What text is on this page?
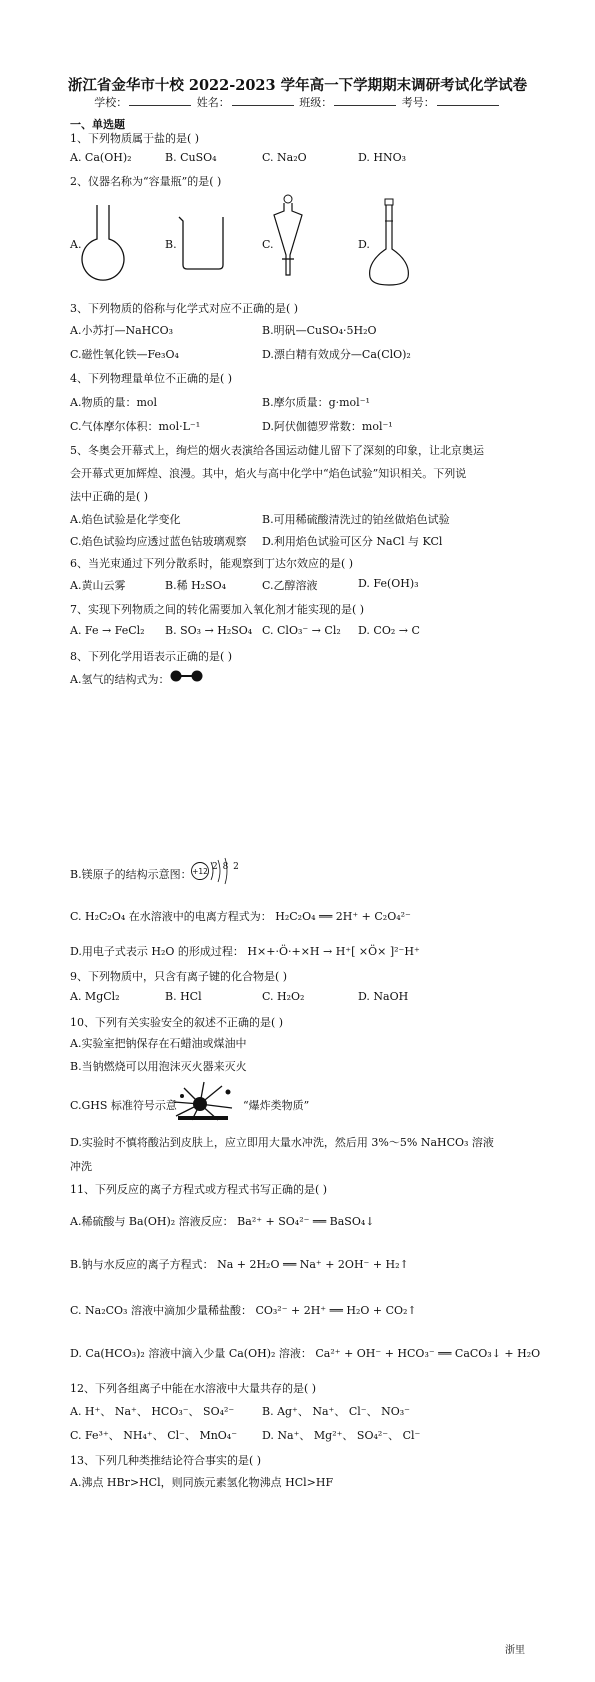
浙江省金华市十校 2022-2023 学年高一下学期期末调研考试化学试卷
学校：	姓名：	班级：	考号：
一、单选题
1、下列物质属于盐的是( )
A. Ca(OH)₂	B. CuSO₄	C. Na₂O	D. HNO₃
2、仪器名称为“容量瓶”的是( )
A.	B.	C.	D.
3、下列物质的俗称与化学式对应不正确的是( )
A.小苏打—NaHCO₃	B.明矾—CuSO₄·5H₂O
C.磁性氧化铁—Fe₃O₄	D.漂白精有效成分—Ca(ClO)₂
4、下列物理量单位不正确的是( )
A.物质的量：mol	B.摩尔质量：g·mol⁻¹
C.气体摩尔体积：mol·L⁻¹	D.阿伏伽德罗常数：mol⁻¹
5、冬奥会开幕式上，绚烂的烟火表演给各国运动健儿留下了深刻的印象，让北京奥运
会开幕式更加辉煌、浪漫。其中，焰火与高中化学中“焰色试验”知识相关。下列说
法中正确的是( )
A.焰色试验是化学变化	B.可用稀硫酸清洗过的铂丝做焰色试验
C.焰色试验均应透过蓝色钴玻璃观察 D.利用焰色试验可区分 NaCl 与 KCl
6、当光束通过下列分散系时，能观察到丁达尔效应的是( )
A.黄山云雾	B.稀 H₂SO₄	C.乙醇溶液	D. Fe(OH)₃
7、实现下列物质之间的转化需要加入氧化剂才能实现的是( )
A. Fe → FeCl₂ B. SO₃ → H₂SO₄ C. ClO₃⁻ → Cl₂ D. CO₂ → C
8、下列化学用语表示正确的是( )
A.氢气的结构式为：
B.镁原子的结构示意图： +12 2 8 2
C. H₂C₂O₄ 在水溶液中的电离方程式为： H₂C₂O₄ ══ 2H⁺ + C₂O₄²⁻
D.用电子式表示 H₂O 的形成过程： H×+·Ö·+×H → H⁺[ ×Ö× ]²⁻H⁺
9、下列物质中，只含有离子键的化合物是( )
A. MgCl₂	B. HCl	C. H₂O₂	D. NaOH
10、下列有关实验安全的叙述不正确的是( )
A.实验室把钠保存在石蜡油或煤油中
B.当钠燃烧可以用泡沫灭火器来灭火
C.GHS 标准符号示意	“爆炸类物质”
D.实验时不慎将酸沾到皮肤上，应立即用大量水冲洗，然后用 3%～5% NaHCO₃ 溶液
冲洗
11、下列反应的离子方程式或方程式书写正确的是( )
A.稀硫酸与 Ba(OH)₂ 溶液反应： Ba²⁺ + SO₄²⁻ ══ BaSO₄↓
B.钠与水反应的离子方程式： Na + 2H₂O ══ Na⁺ + 2OH⁻ + H₂↑
C. Na₂CO₃ 溶液中滴加少量稀盐酸： CO₃²⁻ + 2H⁺ ══ H₂O + CO₂↑
D. Ca(HCO₃)₂ 溶液中滴入少量 Ca(OH)₂ 溶液： Ca²⁺ + OH⁻ + HCO₃⁻ ══ CaCO₃↓ + H₂O
12、下列各组离子中能在水溶液中大量共存的是( )
A. H⁺、 Na⁺、 HCO₃⁻、 SO₄²⁻	B. Ag⁺、 Na⁺、 Cl⁻、 NO₃⁻
C. Fe³⁺、 NH₄⁺、 Cl⁻、 MnO₄⁻ D. Na⁺、 Mg²⁺、 SO₄²⁻、 Cl⁻
13、下列几种类推结论符合事实的是( )
A.沸点 HBr>HCl，则同族元素氢化物沸点 HCl>HF
浙里
